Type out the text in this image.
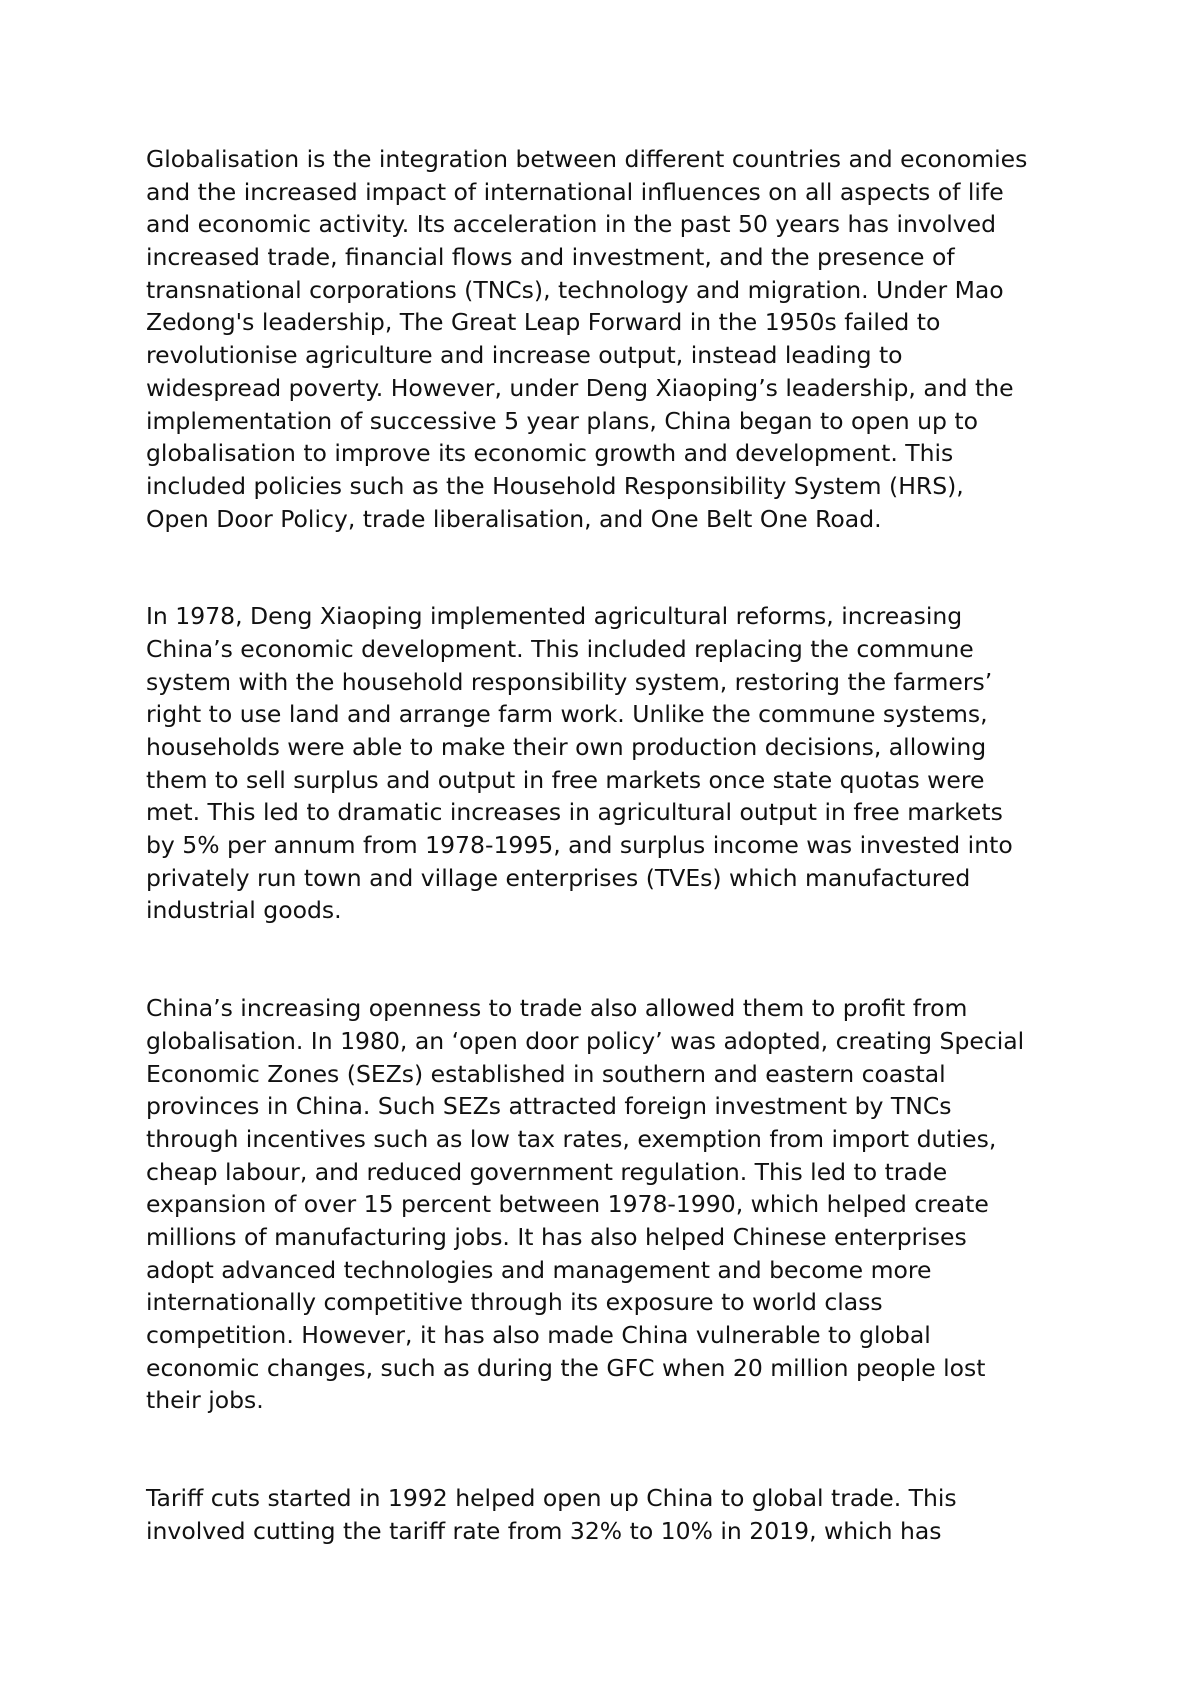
Globalisation is the integration between different countries and economies
and the increased impact of international influences on all aspects of life
and economic activity. Its acceleration in the past 50 years has involved
increased trade, financial flows and investment, and the presence of
transnational corporations (TNCs), technology and migration. Under Mao
Zedong's leadership, The Great Leap Forward in the 1950s failed to
revolutionise agriculture and increase output, instead leading to
widespread poverty. However, under Deng Xiaoping’s leadership, and the
implementation of successive 5 year plans, China began to open up to
globalisation to improve its economic growth and development. This
included policies such as the Household Responsibility System (HRS),
Open Door Policy, trade liberalisation, and One Belt One Road.

In 1978, Deng Xiaoping implemented agricultural reforms, increasing
China’s economic development. This included replacing the commune
system with the household responsibility system, restoring the farmers’
right to use land and arrange farm work. Unlike the commune systems,
households were able to make their own production decisions, allowing
them to sell surplus and output in free markets once state quotas were
met. This led to dramatic increases in agricultural output in free markets
by 5% per annum from 1978-1995, and surplus income was invested into
privately run town and village enterprises (TVEs) which manufactured
industrial goods.

China’s increasing openness to trade also allowed them to profit from
globalisation. In 1980, an ‘open door policy’ was adopted, creating Special
Economic Zones (SEZs) established in southern and eastern coastal
provinces in China. Such SEZs attracted foreign investment by TNCs
through incentives such as low tax rates, exemption from import duties,
cheap labour, and reduced government regulation. This led to trade
expansion of over 15 percent between 1978-1990, which helped create
millions of manufacturing jobs. It has also helped Chinese enterprises
adopt advanced technologies and management and become more
internationally competitive through its exposure to world class
competition. However, it has also made China vulnerable to global
economic changes, such as during the GFC when 20 million people lost
their jobs.

Tariff cuts started in 1992 helped open up China to global trade. This
involved cutting the tariff rate from 32% to 10% in 2019, which has
